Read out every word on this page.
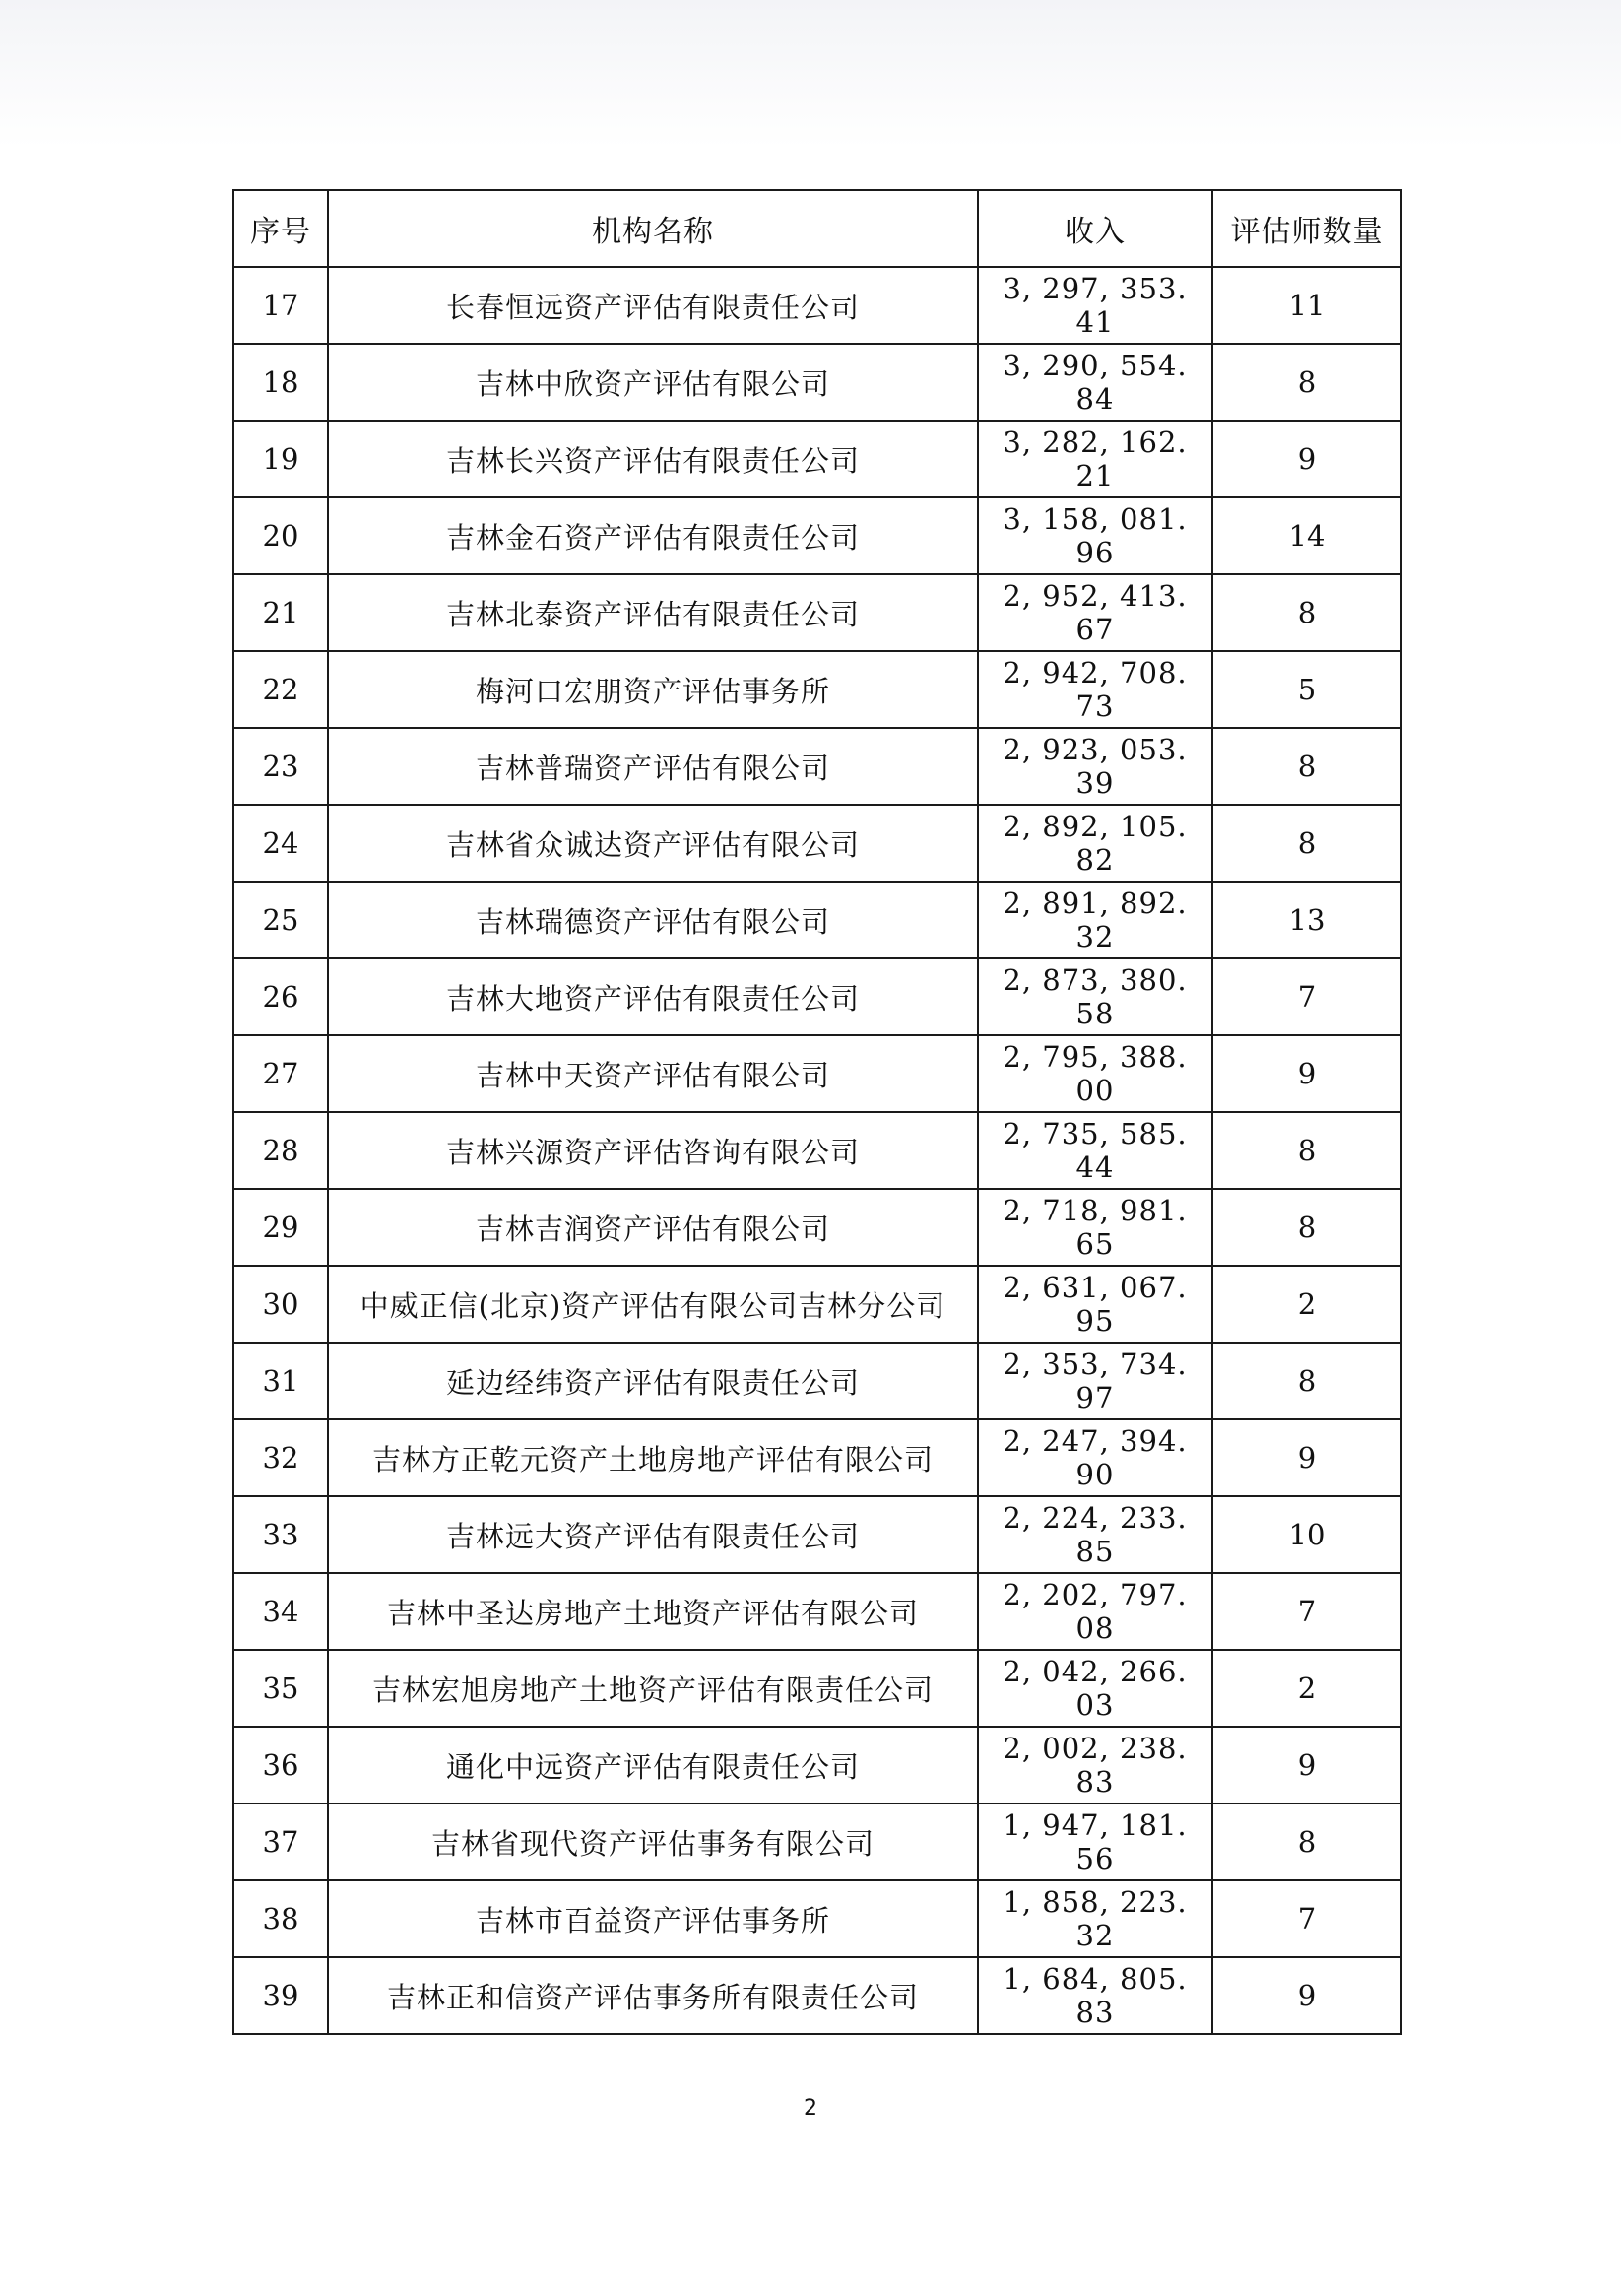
序号	机构名称	收入	评估师数量
17	长春恒远资产评估有限责任公司	3, 297, 353. 41	11
18	吉林中欣资产评估有限公司	3, 290, 554. 84	8
19	吉林长兴资产评估有限责任公司	3, 282, 162. 21	9
20	吉林金石资产评估有限责任公司	3, 158, 081. 96	14
21	吉林北泰资产评估有限责任公司	2, 952, 413. 67	8
22	梅河口宏朋资产评估事务所	2, 942, 708. 73	5
23	吉林普瑞资产评估有限公司	2, 923, 053. 39	8
24	吉林省众诚达资产评估有限公司	2, 892, 105. 82	8
25	吉林瑞德资产评估有限公司	2, 891, 892. 32	13
26	吉林大地资产评估有限责任公司	2, 873, 380. 58	7
27	吉林中天资产评估有限公司	2, 795, 388. 00	9
28	吉林兴源资产评估咨询有限公司	2, 735, 585. 44	8
29	吉林吉润资产评估有限公司	2, 718, 981. 65	8
30	中威正信(北京)资产评估有限公司吉林分公司	2, 631, 067. 95	2
31	延边经纬资产评估有限责任公司	2, 353, 734. 97	8
32	吉林方正乾元资产土地房地产评估有限公司	2, 247, 394. 90	9
33	吉林远大资产评估有限责任公司	2, 224, 233. 85	10
34	吉林中圣达房地产土地资产评估有限公司	2, 202, 797. 08	7
35	吉林宏旭房地产土地资产评估有限责任公司	2, 042, 266. 03	2
36	通化中远资产评估有限责任公司	2, 002, 238. 83	9
37	吉林省现代资产评估事务有限公司	1, 947, 181. 56	8
38	吉林市百益资产评估事务所	1, 858, 223. 32	7
39	吉林正和信资产评估事务所有限责任公司	1, 684, 805. 83	9
2
